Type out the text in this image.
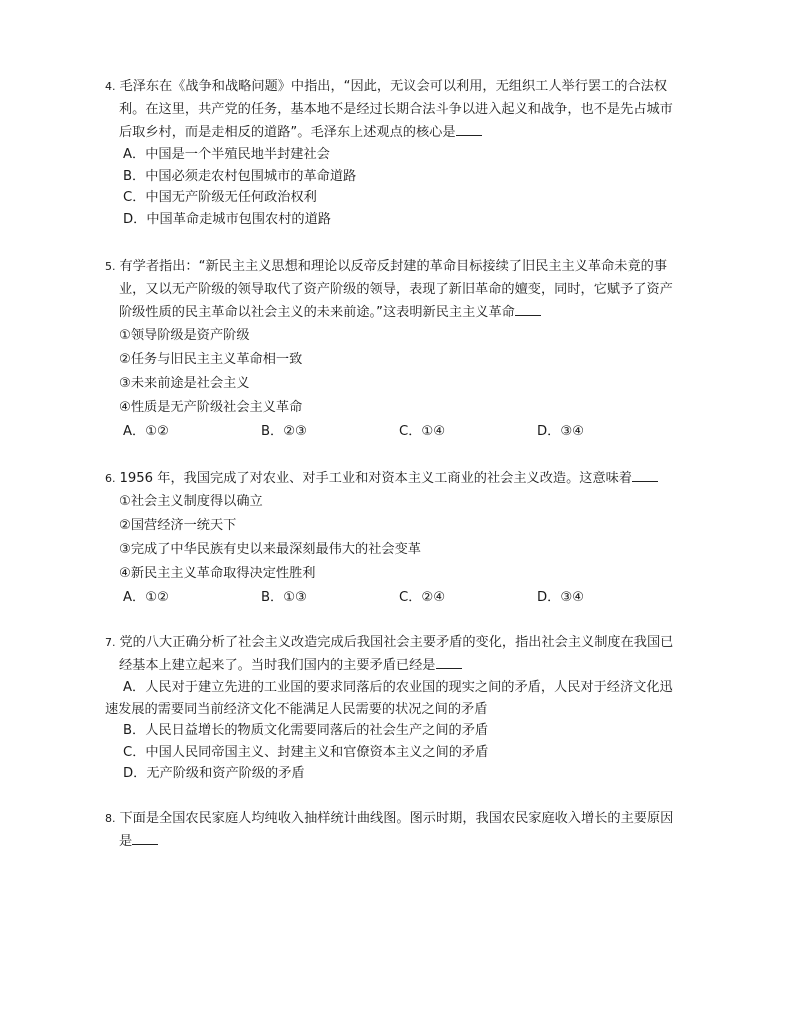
4. 毛泽东在《战争和战略问题》中指出，“因此，无议会可以利用，无组织工人举行罢工的合法权
利。在这里，共产党的任务，基本地不是经过长期合法斗争以进入起义和战争，也不是先占城市
后取乡村，而是走相反的道路”。毛泽东上述观点的核心是

A．中国是一个半殖民地半封建社会

B．中国必须走农村包围城市的革命道路

C．中国无产阶级无任何政治权利

D．中国革命走城市包围农村的道路

5. 有学者指出：“新民主主义思想和理论以反帝反封建的革命目标接续了旧民主主义革命未竟的事
业，又以无产阶级的领导取代了资产阶级的领导，表现了新旧革命的嬗变，同时，它赋予了资产
阶级性质的民主革命以社会主义的未来前途。”这表明新民主主义革命

①领导阶级是资产阶级

②任务与旧民主主义革命相一致

③未来前途是社会主义

④性质是无产阶级社会主义革命

A．①②	B．②③	C．①④	D．③④

6. 1956 年，我国完成了对农业、对手工业和对资本主义工商业的社会主义改造。这意味着

①社会主义制度得以确立

②国营经济一统天下

③完成了中华民族有史以来最深刻最伟大的社会变革

④新民主主义革命取得决定性胜利

A．①②	B．①③	C．②④	D．③④

7. 党的八大正确分析了社会主义改造完成后我国社会主要矛盾的变化，指出社会主义制度在我国已
经基本上建立起来了。当时我们国内的主要矛盾已经是

A．人民对于建立先进的工业国的要求同落后的农业国的现实之间的矛盾，人民对于经济文化迅
速发展的需要同当前经济文化不能满足人民需要的状况之间的矛盾

B．人民日益增长的物质文化需要同落后的社会生产之间的矛盾

C．中国人民同帝国主义、封建主义和官僚资本主义之间的矛盾

D．无产阶级和资产阶级的矛盾

8. 下面是全国农民家庭人均纯收入抽样统计曲线图。图示时期，我国农民家庭收入增长的主要原因
是
